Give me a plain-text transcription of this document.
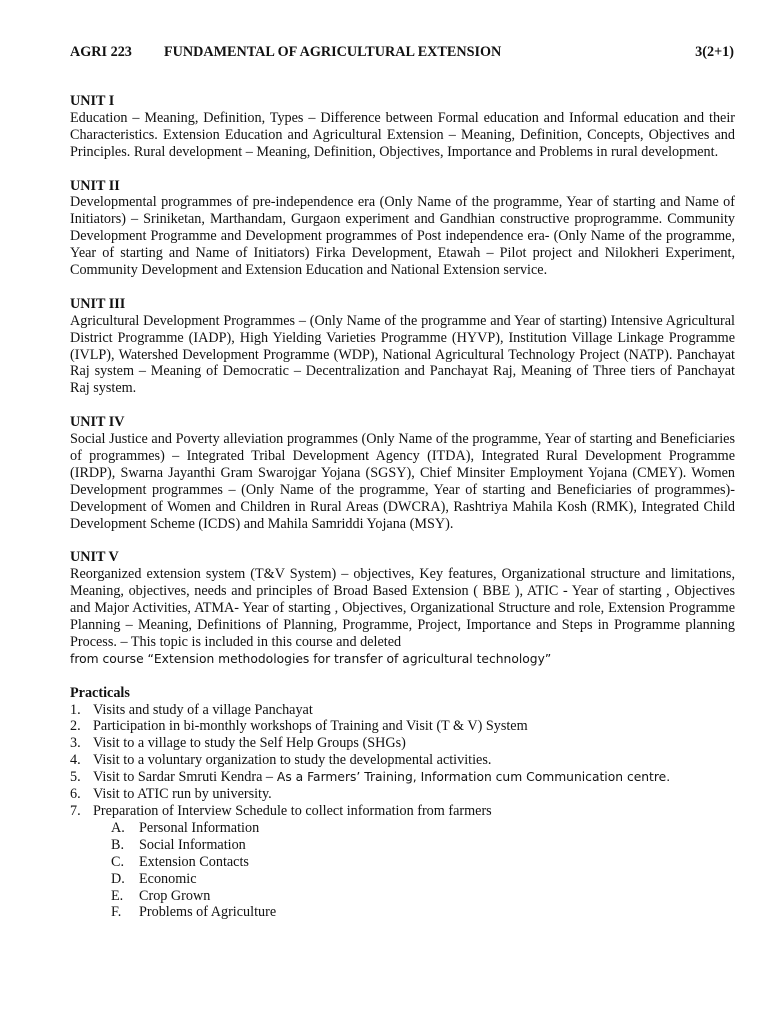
AGRI 223 FUNDAMENTAL OF AGRICULTURAL EXTENSION	3(2+1)
UNIT I

Education – Meaning, Definition, Types – Difference between Formal education and Informal education and their Characteristics. Extension Education and Agricultural Extension – Meaning, Definition, Concepts, Objectives and Principles. Rural development – Meaning, Definition, Objectives, Importance and Problems in rural development.

UNIT II

Developmental programmes of pre-independence era (Only Name of the programme, Year of starting and Name of Initiators) – Sriniketan, Marthandam, Gurgaon experiment and Gandhian constructive proprogramme. Community Development Programme and Development programmes of Post independence era- (Only Name of the programme, Year of starting and Name of Initiators) Firka Development, Etawah – Pilot project and Nilokheri Experiment, Community Development and Extension Education and National Extension service.

UNIT III

Agricultural Development Programmes – (Only Name of the programme and Year of starting) Intensive Agricultural District Programme (IADP), High Yielding Varieties Programme (HYVP), Institution Village Linkage Programme (IVLP), Watershed Development Programme (WDP), National Agricultural Technology Project (NATP). Panchayat Raj system – Meaning of Democratic – Decentralization and Panchayat Raj, Meaning of Three tiers of Panchayat Raj system.

UNIT IV

Social Justice and Poverty alleviation programmes (Only Name of the programme, Year of starting and Beneficiaries of programmes) – Integrated Tribal Development Agency (ITDA), Integrated Rural Development Programme (IRDP), Swarna Jayanthi Gram Swarojgar Yojana (SGSY), Chief Minsiter Employment Yojana (CMEY). Women Development programmes – (Only Name of the programme, Year of starting and Beneficiaries of programmes)- Development of Women and Children in Rural Areas (DWCRA), Rashtriya Mahila Kosh (RMK), Integrated Child Development Scheme (ICDS) and Mahila Samriddi Yojana (MSY).

UNIT V

Reorganized extension system (T&V System) – objectives, Key features, Organizational structure and limitations, Meaning, objectives, needs and principles of Broad Based Extension ( BBE ), ATIC - Year of starting , Objectives and Major Activities, ATMA- Year of starting , Objectives, Organizational Structure and role, Extension Programme Planning – Meaning, Definitions of Planning, Programme, Project, Importance and Steps in Programme planning Process. – This topic is included in this course and deleted
from course “Extension methodologies for transfer of agricultural technology”

Practicals
1. Visits and study of a village Panchayat
2. Participation in bi-monthly workshops of Training and Visit (T & V) System
3. Visit to a village to study the Self Help Groups (SHGs)
4. Visit to a voluntary organization to study the developmental activities.
5. Visit to Sardar Smruti Kendra – As a Farmers’ Training, Information cum Communication centre.
6. Visit to ATIC run by university.
7. Preparation of Interview Schedule to collect information from farmers
A. Personal Information
B. Social Information
C. Extension Contacts
D. Economic
E. Crop Grown
F. Problems of Agriculture
